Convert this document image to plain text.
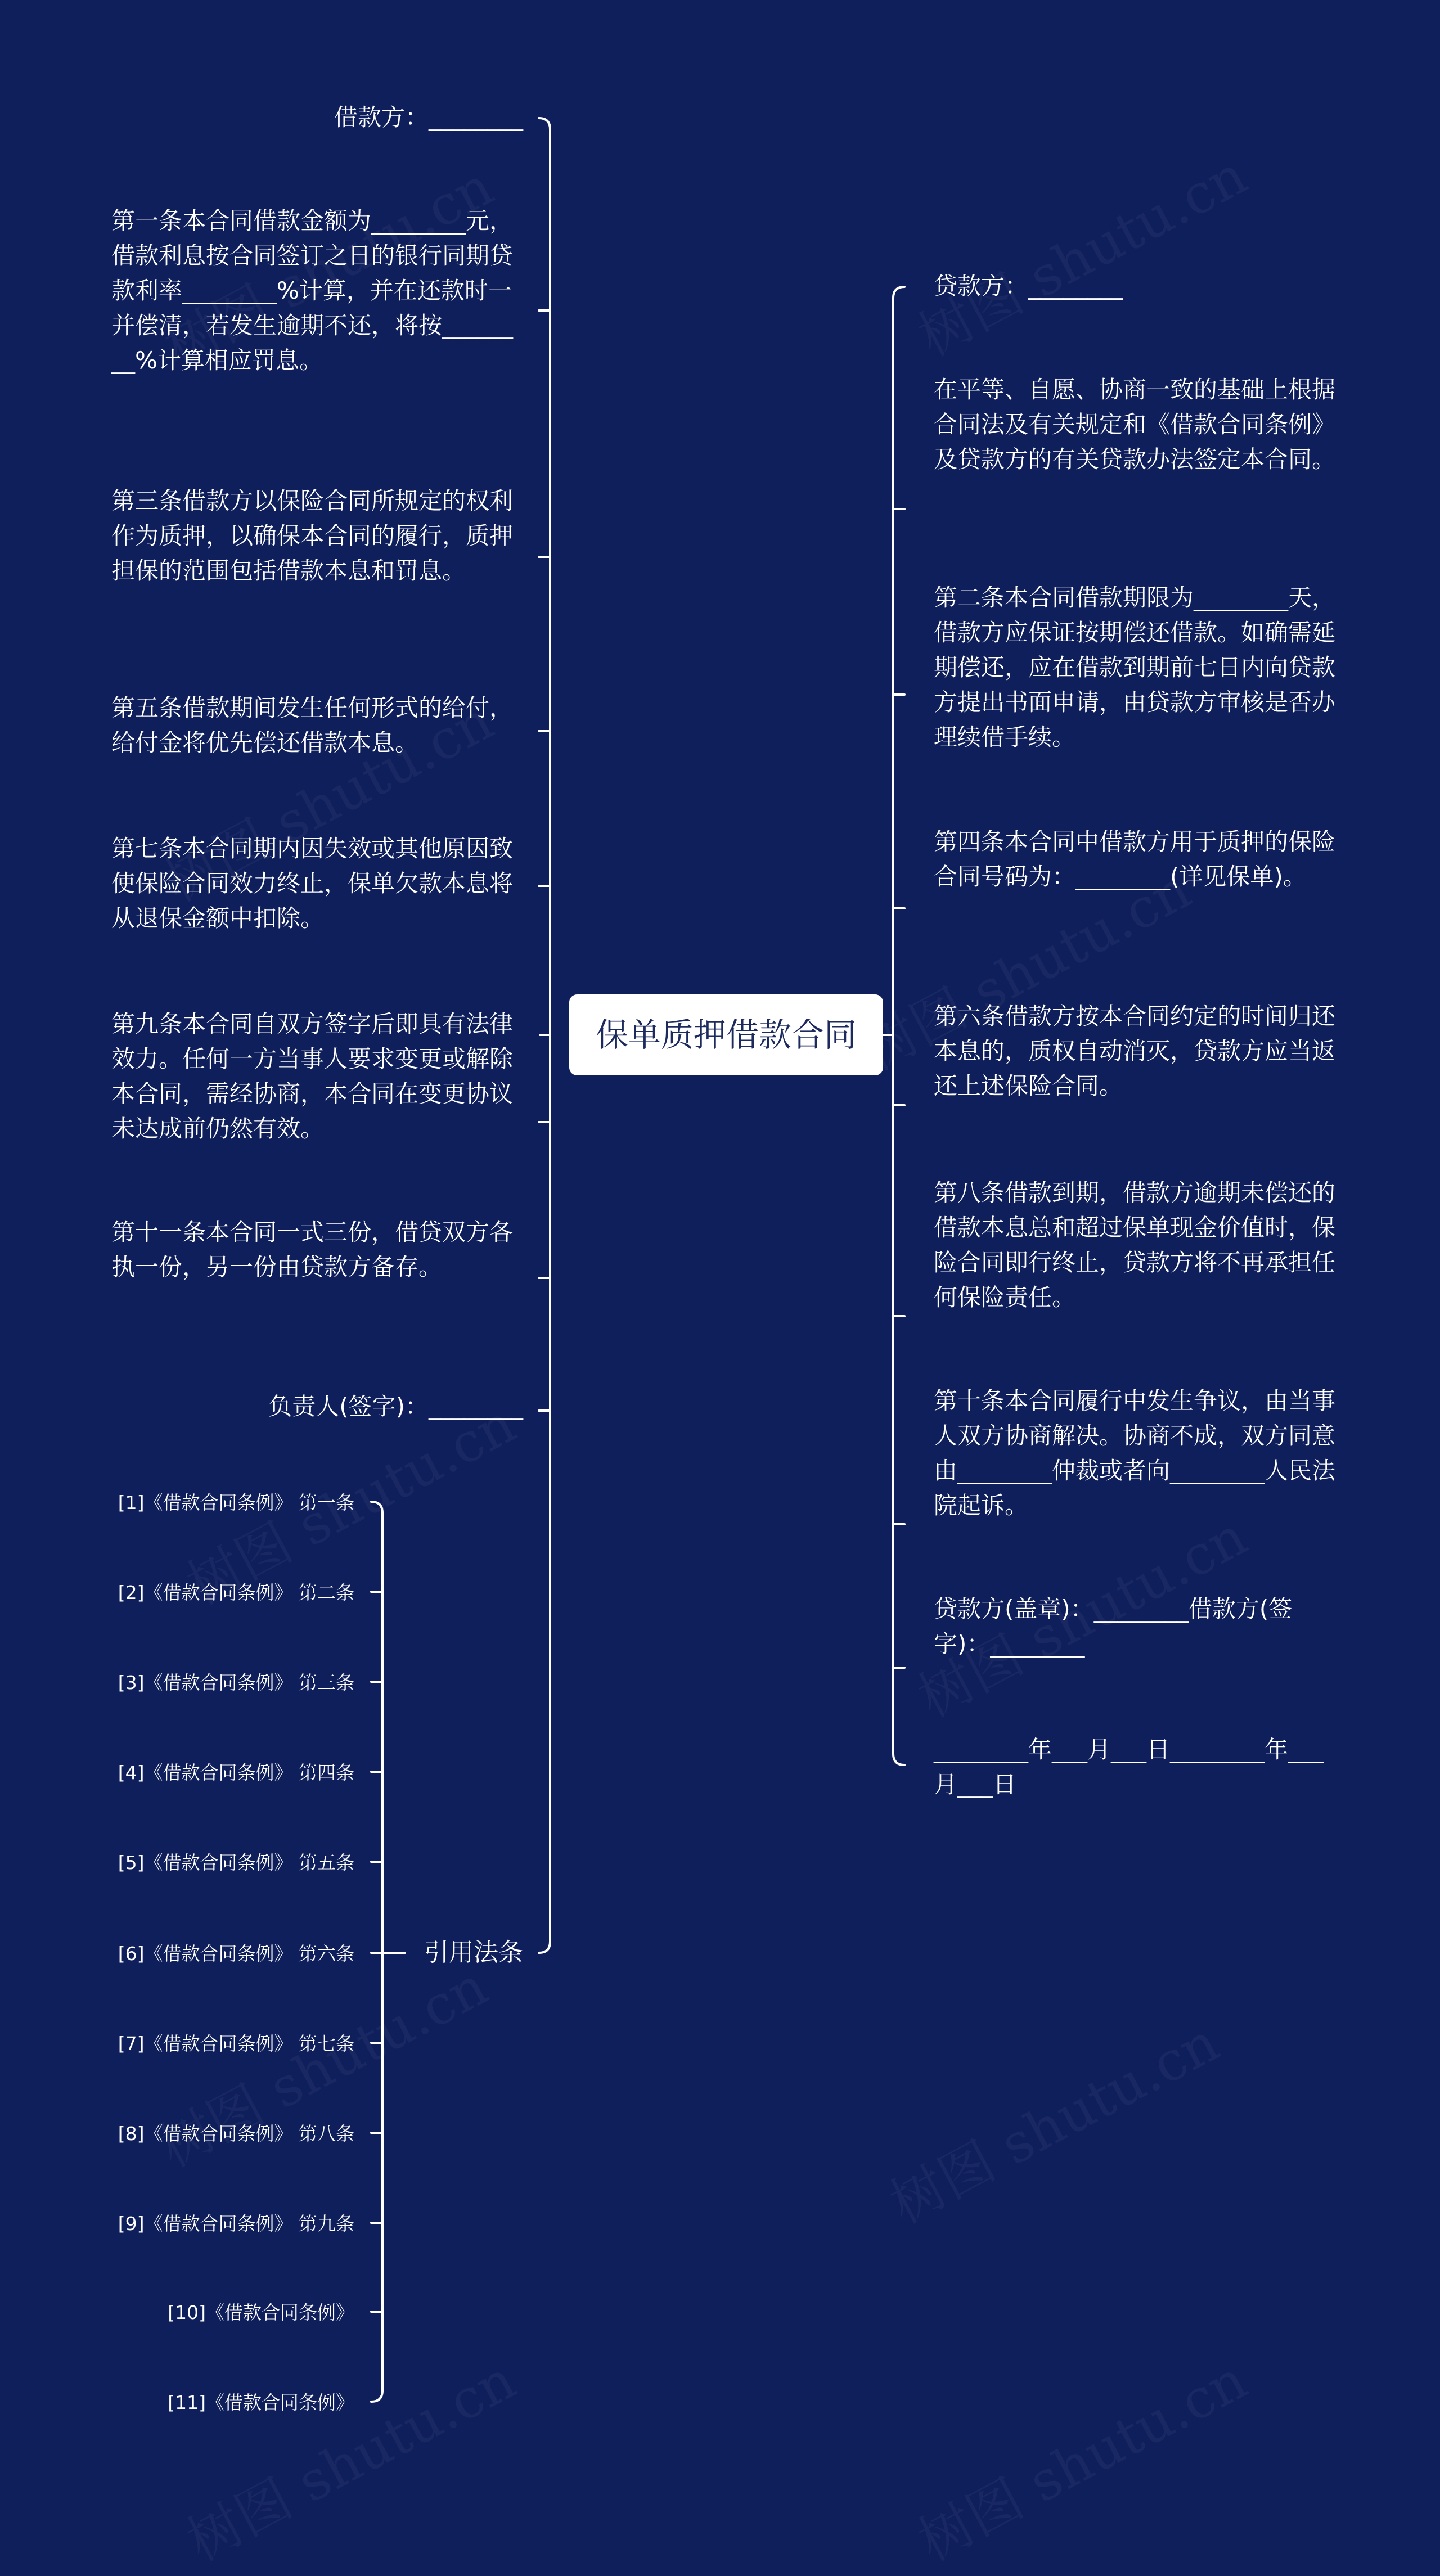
保单质押借款合同
借款方：________
第一条本合同借款金额为________元，借款利息按合同签订之日的银行同期贷款利率________%计算，并在还款时一并偿清，若发生逾期不还，将按________%计算相应罚息。
第三条借款方以保险合同所规定的权利作为质押，以确保本合同的履行，质押担保的范围包括借款本息和罚息。
第五条借款期间发生任何形式的给付，给付金将优先偿还借款本息。
第七条本合同期内因失效或其他原因致使保险合同效力终止，保单欠款本息将从退保金额中扣除。
第九条本合同自双方签字后即具有法律效力。任何一方当事人要求变更或解除本合同，需经协商，本合同在变更协议未达成前仍然有效。
第十一条本合同一式三份，借贷双方各执一份，另一份由贷款方备存。
负责人(签字)：________
引用法条
[1]《借款合同条例》 第一条
[2]《借款合同条例》 第二条
[3]《借款合同条例》 第三条
[4]《借款合同条例》 第四条
[5]《借款合同条例》 第五条
[6]《借款合同条例》 第六条
[7]《借款合同条例》 第七条
[8]《借款合同条例》 第八条
[9]《借款合同条例》 第九条
[10]《借款合同条例》
[11]《借款合同条例》
贷款方：________
在平等、自愿、协商一致的基础上根据合同法及有关规定和《借款合同条例》及贷款方的有关贷款办法签定本合同。
第二条本合同借款期限为________天，借款方应保证按期偿还借款。如确需延期偿还，应在借款到期前七日内向贷款方提出书面申请，由贷款方审核是否办理续借手续。
第四条本合同中借款方用于质押的保险合同号码为：________(详见保单)。
第六条借款方按本合同约定的时间归还本息的，质权自动消灭，贷款方应当返还上述保险合同。
第八条借款到期，借款方逾期未偿还的借款本息总和超过保单现金价值时，保险合同即行终止，贷款方将不再承担任何保险责任。
第十条本合同履行中发生争议，由当事人双方协商解决。协商不成，双方同意由________仲裁或者向________人民法院起诉。
贷款方(盖章)：________借款方(签字)：________
________年___月___日________年___月___日
